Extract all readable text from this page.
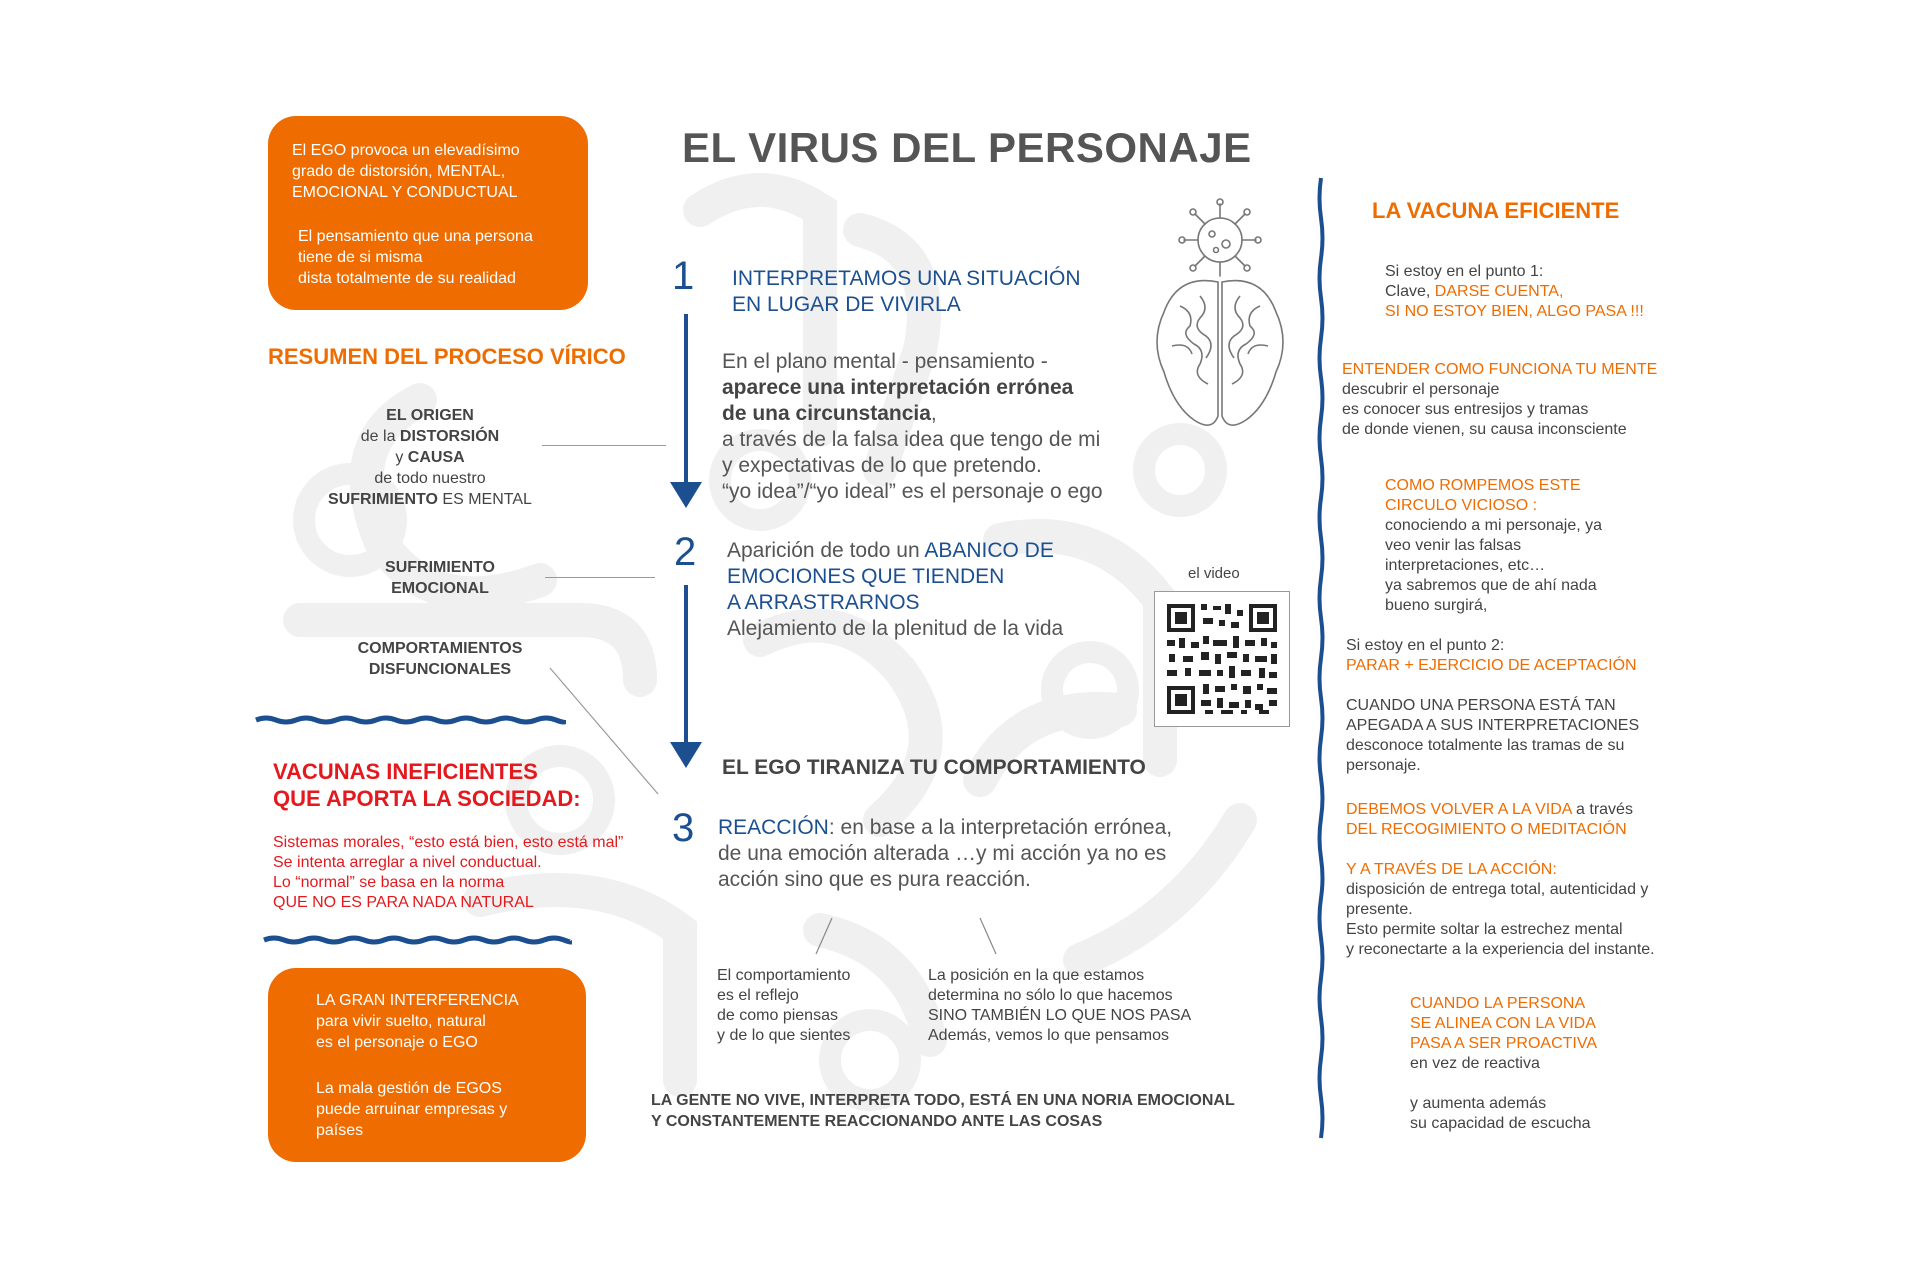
EL VIRUS DEL PERSONAJE

El EGO provoca un elevadísimo

grado de distorsión, MENTAL,

EMOCIONAL Y CONDUCTUAL

El pensamiento que una persona

tiene de si misma

dista totalmente de su realidad

RESUMEN DEL PROCESO VÍRICO
EL ORIGEN
de la DISTORSIÓN
y CAUSA
de todo nuestro
SUFRIMIENTO ES MENTAL
SUFRIMIENTO
EMOCIONAL
COMPORTAMIENTOS
DISFUNCIONALES
VACUNAS INEFICIENTES
QUE APORTA LA SOCIEDAD:
Sistemas morales, “esto está bien, esto está mal”
Se intenta arreglar a nivel conductual.
Lo “normal” se basa en la norma
QUE NO ES PARA NADA NATURAL

LA GRAN INTERFERENCIA

para vivir suelto, natural

es el personaje o EGO

La mala gestión de EGOS

puede arruinar empresas y

países

1 INTERPRETAMOS UNA SITUACIÓN
EN LUGAR DE VIVIRLA
En el plano mental - pensamiento -
aparece una interpretación errónea
de una circunstancia,
a través de la falsa idea que tengo de mi
y expectativas de lo que pretendo.
“yo idea”/“yo ideal” es el personaje o ego
2 Aparición de todo un ABANICO DE
EMOCIONES QUE TIENDEN
A ARRASTRARNOS
Alejamiento de la plenitud de la vida
el video
EL EGO TIRANIZA TU COMPORTAMIENTO
3 REACCIÓN: en base a la interpretación errónea,
de una emoción alterada …y mi acción ya no es
acción sino que es pura reacción.
El comportamiento
es el reflejo
de como piensas
y de lo que sientes
La posición en la que estamos
determina no sólo lo que hacemos
SINO TAMBIÉN LO QUE NOS PASA
Además, vemos lo que pensamos
LA GENTE NO VIVE, INTERPRETA TODO, ESTÁ EN UNA NORIA EMOCIONAL
Y CONSTANTEMENTE REACCIONANDO ANTE LAS COSAS
LA VACUNA EFICIENTE
Si estoy en el punto 1:
Clave, DARSE CUENTA,
SI NO ESTOY BIEN, ALGO PASA !!!
ENTENDER COMO FUNCIONA TU MENTE
descubrir el personaje
es conocer sus entresijos y tramas
de donde vienen, su causa inconsciente
COMO ROMPEMOS ESTE
CIRCULO VICIOSO :
conociendo a mi personaje, ya
veo venir las falsas
interpretaciones, etc…
ya sabremos que de ahí nada
bueno surgirá,
Si estoy en el punto 2:
PARAR + EJERCICIO DE ACEPTACIÓN
CUANDO UNA PERSONA ESTÁ TAN
APEGADA A SUS INTERPRETACIONES
desconoce totalmente las tramas de su
personaje.
DEBEMOS VOLVER A LA VIDA a través
DEL RECOGIMIENTO O MEDITACIÓN
Y A TRAVÉS DE LA ACCIÓN:
disposición de entrega total, autenticidad y
presente.
Esto permite soltar la estrechez mental
y reconectarte a la experiencia del instante.
CUANDO LA PERSONA
SE ALINEA CON LA VIDA
PASA A SER PROACTIVA
en vez de reactiva
y aumenta además
su capacidad de escucha
